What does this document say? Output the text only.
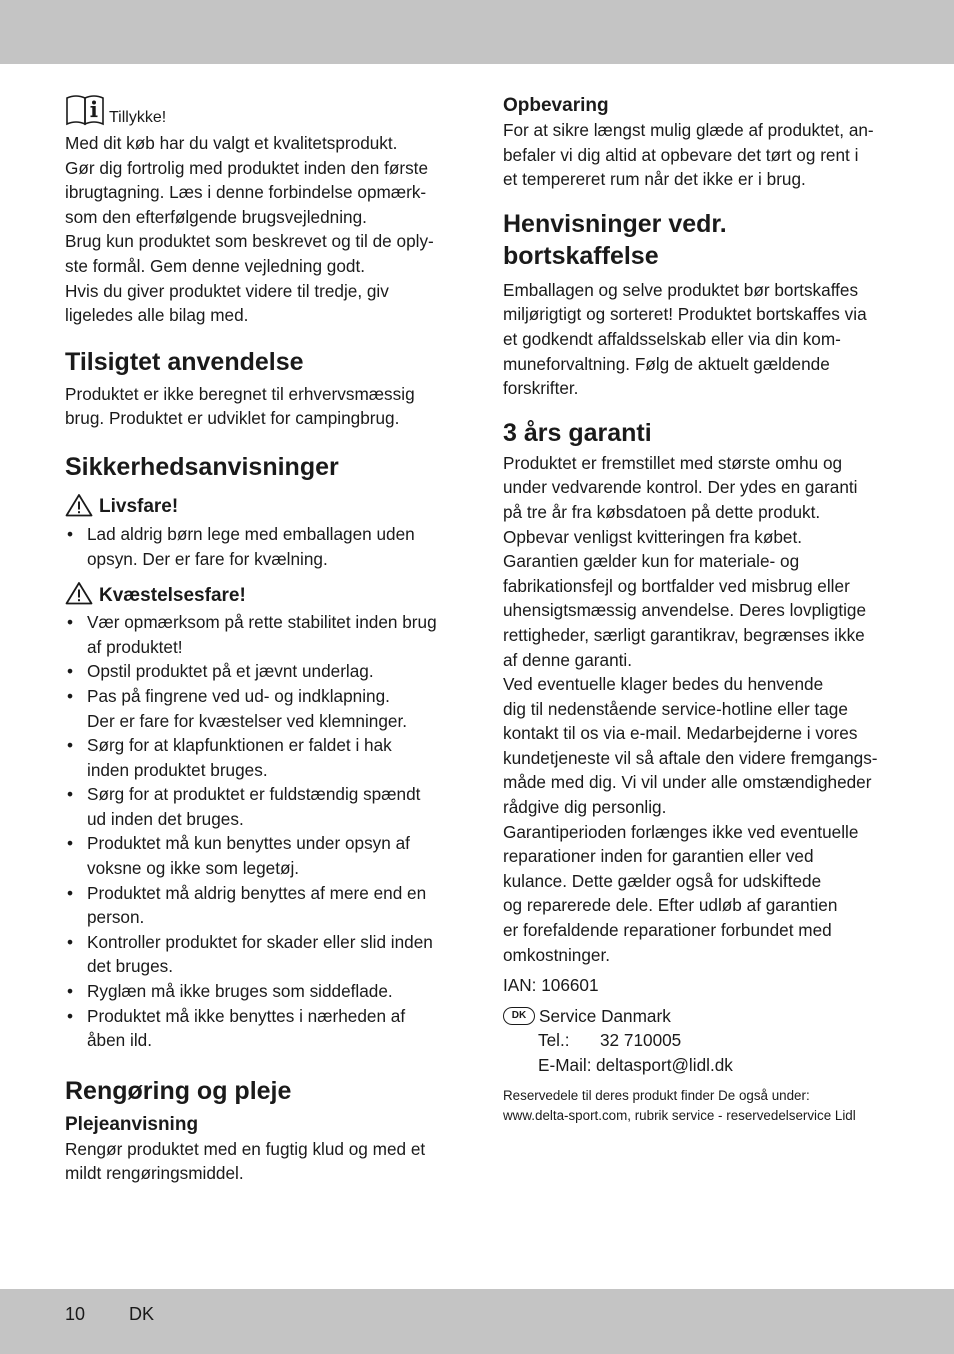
Tillykke!

Med dit køb har du valgt et kvalitetsprodukt.

Gør dig fortrolig med produktet inden den første

ibrugtagning. Læs i denne forbindelse opmærk-

som den efterfølgende brugsvejledning.

Brug kun produktet som beskrevet og til de oply-

ste formål. Gem denne vejledning godt.

Hvis du giver produktet videre til tredje, giv

ligeledes alle bilag med.

Tilsigtet anvendelse

Produktet er ikke beregnet til erhvervsmæssig

brug. Produktet er udviklet for campingbrug.

Sikkerhedsanvisninger
Livsfare!
• Lad aldrig børn lege med emballagen uden
opsyn. Der er fare for kvælning.
Kvæstelsesfare!
• Vær opmærksom på rette stabilitet inden brug
af produktet!
• Opstil produktet på et jævnt underlag.
• Pas på fingrene ved ud- og indklapning.
Der er fare for kvæstelser ved klemninger.
• Sørg for at klapfunktionen er faldet i hak
inden produktet bruges.
• Sørg for at produktet er fuldstændig spændt
ud inden det bruges.
• Produktet må kun benyttes under opsyn af
voksne og ikke som legetøj.
• Produktet må aldrig benyttes af mere end en
person.
• Kontroller produktet for skader eller slid inden
det bruges.
• Ryglæn må ikke bruges som siddeflade.
• Produktet må ikke benyttes i nærheden af
åben ild.
Rengøring og pleje
Plejeanvisning

Rengør produktet med en fugtig klud og med et

mildt rengøringsmiddel.

Opbevaring

For at sikre længst mulig glæde af produktet, an-

befaler vi dig altid at opbevare det tørt og rent i

et tempereret rum når det ikke er i brug.

Henvisninger vedr.
bortskaffelse

Emballagen og selve produktet bør bortskaffes

miljørigtigt og sorteret! Produktet bortskaffes via

et godkendt affaldsselskab eller via din kom-

muneforvaltning. Følg de aktuelt gældende

forskrifter.

3 års garanti

Produktet er fremstillet med største omhu og

under vedvarende kontrol. Der ydes en garanti

på tre år fra købsdatoen på dette produkt.

Opbevar venligst kvitteringen fra købet.

Garantien gælder kun for materiale- og

fabrikationsfejl og bortfalder ved misbrug eller

uhensigtsmæssig anvendelse. Deres lovpligtige

rettigheder, særligt garantikrav, begrænses ikke

af denne garanti.

Ved eventuelle klager bedes du henvende

dig til nedenstående service-hotline eller tage

kontakt til os via e-mail. Medarbejderne i vores

kundetjeneste vil så aftale den videre fremgangs-

måde med dig. Vi vil under alle omstændigheder

rådgive dig personlig.

Garantiperioden forlænges ikke ved eventuelle

reparationer inden for garantien eller ved

kulance. Dette gælder også for udskiftede

og reparerede dele. Efter udløb af garantien

er forefaldende reparationer forbundet med

omkostninger.

IAN: 106601

DK Service Danmark
Tel.:	32 710005
E-Mail: deltasport@lidl.dk

Reservedele til deres produkt finder De også under:

www.delta-sport.com, rubrik service - reservedelservice Lidl

10 DK
